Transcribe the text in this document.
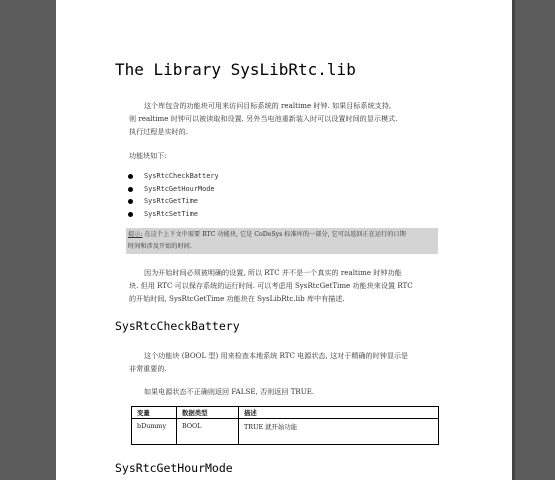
The Library SysLibRtc.lib
这个库包含的功能块可用来访问目标系统的 realtime 时钟. 如果目标系统支持,
则 realtime 时钟可以被读取和设置. 另外当电池重新装入时可以设置时间的显示模式.
执行过程是实时的.
功能块如下:
SysRtcCheckBattery
SysRtcGetHourMode
SysRtcGetTime
SysRtcSetTime
提示: 在这个上下文中需要 RTC 功能块, 它是 CoDeSys 标准库的一部分, 它可以返回正在运行的日期
时间和涉及开始的时间.
因为开始时间必须被明确的设置, 所以 RTC 并不是一个真实的 realtime 时钟功能
块. 但用 RTC 可以保存系统的运行时间. 可以考虑用 SysRtcGetTime 功能块来设置 RTC
的开始时间, SysRtcGetTime 功能块在 SysLibRtc.lib 库中有描述.
SysRtcCheckBattery
这个功能块 (BOOL 型) 用来检查本地系统 RTC 电源状态, 这对于精确的时钟显示是
非常重要的.
如果电源状态不正确则返回 FALSE, 否则返回 TRUE.
变量	数据类型	描述
bDummy	BOOL	TRUE 就开始功能
SysRtcGetHourMode
